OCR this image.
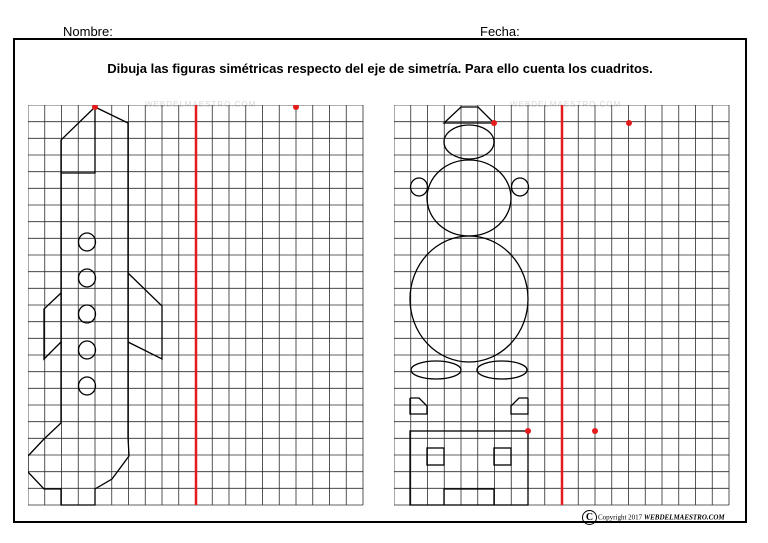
Nombre:	Fecha:
Dibuja las figuras simétricas respecto del eje de simetría. Para ello cuenta los cuadritos.
WEBDELMAESTRO.COM	WEBDELMAESTRO.COM
C Copyright 2017 WEBDELMAESTRO.COM
